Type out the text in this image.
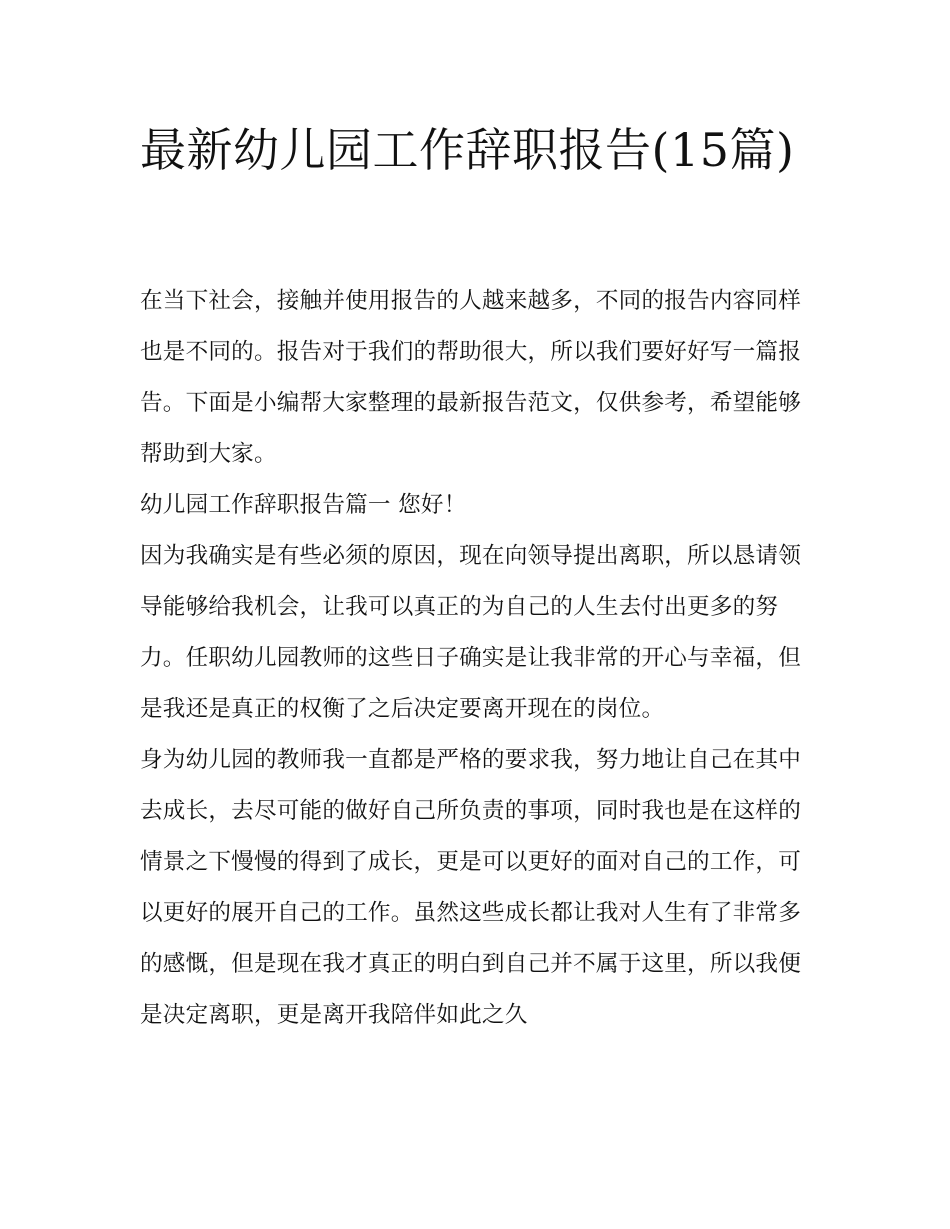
最新幼儿园工作辞职报告(15篇)

在当下社会，接触并使用报告的人越来越多，不同的报告内容同样也是不同的。报告对于我们的帮助很大，所以我们要好好写一篇报告。下面是小编帮大家整理的最新报告范文，仅供参考，希望能够帮助到大家。

幼儿园工作辞职报告篇一 您好！

因为我确实是有些必须的原因，现在向领导提出离职，所以恳请领导能够给我机会，让我可以真正的为自己的人生去付出更多的努力。任职幼儿园教师的这些日子确实是让我非常的开心与幸福，但是我还是真正的权衡了之后决定要离开现在的岗位。

身为幼儿园的教师我一直都是严格的要求我，努力地让自己在其中去成长，去尽可能的做好自己所负责的事项，同时我也是在这样的情景之下慢慢的得到了成长，更是可以更好的面对自己的工作，可以更好的展开自己的工作。虽然这些成长都让我对人生有了非常多的感慨，但是现在我才真正的明白到自己并不属于这里，所以我便是决定离职，更是离开我陪伴如此之久
